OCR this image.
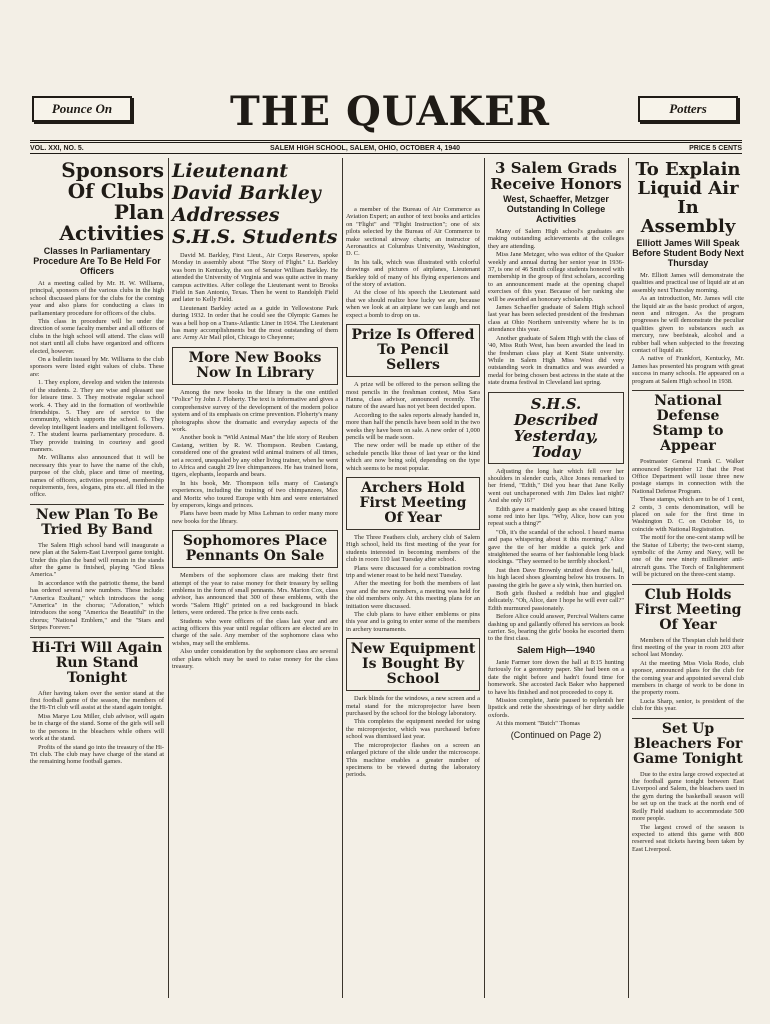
Pounce On	THE QUAKER	Potters
VOL. XXI, NO. 5.	SALEM HIGH SCHOOL, SALEM, OHIO, OCTOBER 4, 1940	PRICE 5 CENTS
Sponsors Of Clubs Plan Activities
Classes In Parliamentary Procedure Are To Be Held For Officers

At a meeting called by Mr. H. W. Williams, principal, sponsors of the various clubs in the high school discussed plans for the clubs for the coming year and also plans for conducting a class in parliamentary procedure for officers of the clubs.

This class in procedure will be under the direction of some faculty member and all officers of clubs in the high school will attend. The class will not start until all clubs have organized and officers elected, however.

On a bulletin issued by Mr. Williams to the club sponsors were listed eight values of clubs. These are:

1. They explore, develop and widen the interests of the students. 2. They are wise and pleasant use for leisure time. 3. They motivate regular school work. 4. They aid in the formation of worthwhile friendships. 5. They are of service to the community, which supports the school. 6. They develop intelligent leaders and intelligent followers. 7. The student learns parliamentary procedure. 8. They provide training in courtesy and good manners.

Mr. Williams also announced that it will be necessary this year to have the name of the club, purpose of the club, place and time of meeting, names of officers, activities proposed, membership requirements, fees, slogans, pins etc. all filed in the office.

New Plan To Be Tried By Band

The Salem High school band will inaugurate a new plan at the Salem-East Liverpool game tonight. Under this plan the band will remain in the stands after the game is finished, playing "God Bless America."

In accordance with the patriotic theme, the band has ordered several new numbers. These include: "America Exultant," which introduces the song "America" in the chorus; "Adoration," which introduces the song "America the Beautiful" in the chorus; "National Emblem," and the "Stars and Stripes Forever."

Hi-Tri Will Again Run Stand Tonight

After having taken over the senior stand at the first football game of the season, the members of the Hi-Tri club will assist at the stand again tonight.

Miss Marye Lou Miller, club advisor, will again be in charge of the stand. Some of the girls will sell to the persons in the bleachers while others will work at the stand.

Profits of the stand go into the treasury of the Hi-Tri club. The club may have charge of the stand at the remaining home football games.

Lieutenant David Barkley Addresses S.H.S. Students

David M. Barkley, First Lieut., Air Corps Reserves, spoke Monday in assembly about "The Story of Flight." Lt. Barkley was born in Kentucky, the son of Senator William Barkley. He attended the University of Virginia and was quite active in many campus activities. After college the Lieutenant went to Brooks Field in San Antonio, Texas. Then he went to Randolph Field and later to Kelly Field.

Lieutenant Barkley acted as a guide in Yellowstone Park during 1932. In order that he could see the Olympic Games he was a bell hop on a Trans-Atlantic Liner in 1934. The Lieutenant has many accomplishments but the most outstanding of them are: Army Air Mail pilot, Chicago to Cheyenne;

More New Books Now In Library

Among the new books in the library is the one entitled "Police" by John J. Floherty. The text is informative and gives a comprehensive survey of the development of the modern police system and of its emphasis on crime prevention. Floherty's many photographs show the dramatic and everyday aspects of the work.

Another book is "Wild Animal Man" the life story of Reuben Castang, written by R. W. Thompson. Reuben Castang, considered one of the greatest wild animal trainers of all times, set a record, unequaled by any other living trainer, when he went to Africa and caught 29 live chimpanzees. He has trained lions, tigers, elephants, leopards and bears.

In his book, Mr. Thompson tells many of Castang's experiences, including the training of two chimpanzees, Max and Moritz who toured Europe with him and were entertained by emperors, kings and princes.

Plans have been made by Miss Lehman to order many more new books for the library.

Sophomores Place Pennants On Sale

Members of the sophomore class are making their first attempt of the year to raise money for their treasury by selling emblems in the form of small pennants. Mrs. Marion Cox, class advisor, has announced that 300 of these emblems, with the words "Salem High" printed on a red background in black letters, were ordered. The price is five cents each.

Students who were officers of the class last year and are acting officers this year until regular officers are elected are in charge of the sale. Any member of the sophomore class who wishes, may sell the emblems.

Also under consideration by the sophomore class are several other plans which may be used to raise money for the class treasury.

a member of the Bureau of Air Commerce as Aviation Expert; an author of text books and articles on "Flight" and "Flight Instruction"; one of six pilots selected by the Bureau of Air Commerce to make sectional airway charts; an instructor of Aeronautics at Columbus University, Washington, D. C.

In his talk, which was illustrated with colorful drawings and pictures of airplanes, Lieutenant Barkley told of many of his flying experiences and of the story of aviation.

At the close of his speech the Lieutenant said that we should realize how lucky we are, because when we look at an airplane we can laugh and not expect a bomb to drop on us.

Prize Is Offered To Pencil Sellers

A prize will be offered to the person selling the most pencils in the freshman contest, Miss Sara Hanna, class advisor, announced recently. The nature of the award has not yet been decided upon.

According to the sales reports already handed in, more than half the pencils have been sold in the two weeks they have been on sale. A new order of 1,000 pencils will be made soon.

The new order will be made up either of the schedule pencils like those of last year or the kind which are now being sold, depending on the type which seems to be most popular.

Archers Hold First Meeting Of Year

The Three Feathers club, archery club of Salem High school, held its first meeting of the year for students interested in becoming members of the club in room 110 last Tuesday after school.

Plans were discussed for a combination roving trip and wiener roast to be held next Tuesday.

After the meeting for both the members of last year and the new members, a meeting was held for the old members only. At this meeting plans for an initiation were discussed.

The club plans to have either emblems or pins this year and is going to enter some of the members in archery tournaments.

New Equipment Is Bought By School

Dark blinds for the windows, a new screen and a metal stand for the microprojector have been purchased by the school for the biology laboratory.

This completes the equipment needed for using the microprojector, which was purchased before school was dismissed last year.

The microprojector flashes on a screen an enlarged picture of the slide under the microscope. This machine enables a greater number of specimens to be viewed during the laboratory periods.

3 Salem Grads Receive Honors
West, Schaeffer, Metzger Outstanding In College Activities

Many of Salem High school's graduates are making outstanding achievements at the colleges they are attending.

Miss Jane Metzger, who was editor of the Quaker weekly and annual during her senior year in 1936-37, is one of 46 Smith college students honored with membership in the group of first scholars, according to an announcement made at the opening chapel exercises of this year. Because of her ranking she will be awarded an honorary scholarship.

James Schaeffer graduate of Salem High school last year has been selected president of the freshman class at Ohio Northern university where he is in attendance this year.

Another graduate of Salem High with the class of '40, Miss Ruth West, has been awarded the lead in the freshman class play at Kent State university. While in Salem High Miss West did very outstanding work in dramatics and was awarded a medal for being chosen best actress in the state at the state drama festival in Cleveland last spring.

S.H.S. Described Yesterday, Today

Adjusting the long hair which fell over her shoulders in slender curls, Alice Jones remarked to her friend, "Edith," Did you hear that Jane Kelly went out unchaperoned with Jim Dales last night? And she only 16!"

Edith gave a maidenly gasp as she ceased biting some red into her lips. "Why, Alice, how can you repeat such a thing?"

"Oh, it's the scandal of the school. I heard mama and papa whispering about it this morning." Alice gave the tie of her middie a quick jerk and straightened the seams of her fashionable long black stockings. "They seemed to be terribly shocked."

Just then Dave Brownly strutted down the hall, his high laced shoes gleaming below his trousers. In passing the girls he gave a sly wink, then hurried on.

Both girls flushed a reddish hue and giggled delicately. "Oh, Alice, dare I hope he will ever call?" Edith murmured passionately.

Before Alice could answer, Percival Walters came dashing up and gallantly offered his services as book carrier. So, bearing the girls' books he escorted them to the first class.

Salem High—1940

Janie Farmer tore down the hall at 8:15 hunting furiously for a geometry paper. She had been on a date the night before and hadn't found time for homework. She accosted Jack Baker who happened to have his finished and not proceeded to copy it.

Mission complete, Janie paused to replenish her lipstick and retie the shoestrings of her dirty saddle oxfords.

At this moment "Butch" Thomas

(Continued on Page 2)
To Explain Liquid Air In Assembly
Elliott James Will Speak Before Student Body Next Thursday

Mr. Elliott James will demonstrate the qualities and practical use of liquid air at an assembly next Thursday morning.

As an introduction, Mr. James will cite the liquid air as the basic product of argon, neon and nitrogen. As the program progresses he will demonstrate the peculiar qualities given to substances such as mercury, raw beefsteak, alcohol and a rubber ball when subjected to the freezing contact of liquid air.

A native of Frankfort, Kentucky, Mr. James has presented his program with great success in many schools. He appeared on a program at Salem High school in 1938.

National Defense Stamp to Appear

Postmaster General Frank C. Walker announced September 12 that the Post Office Department will issue three new postage stamps in connection with the National Defense Program.

These stamps, which are to be of 1 cent, 2 cents, 3 cents denomination, will be placed on sale for the first time in Washington D. C. on October 16, to coincide with National Registration.

The motif for the one-cent stamp will be the Statue of Liberty; the two-cent stamp, symbolic of the Army and Navy, will be one of the new ninety millimeter anti-aircraft guns. The Torch of Enlightenment will be pictured on the three-cent stamp.

Club Holds First Meeting Of Year

Members of the Thespian club held their first meeting of the year in room 203 after school last Monday.

At the meeting Miss Viola Rodo, club sponsor, announced plans for the club for the coming year and appointed several club members in charge of work to be done in the property room.

Lucia Sharp, senior, is president of the club for this year.

Set Up Bleachers For Game Tonight

Due to the extra large crowd expected at the football game tonight between East Liverpool and Salem, the bleachers used in the gym during the basketball season will be set up on the track at the north end of Reilly Field stadium to accommodate 500 more people.

The largest crowd of the season is expected to attend this game with 800 reserved seat tickets having been taken by East Liverpool.
